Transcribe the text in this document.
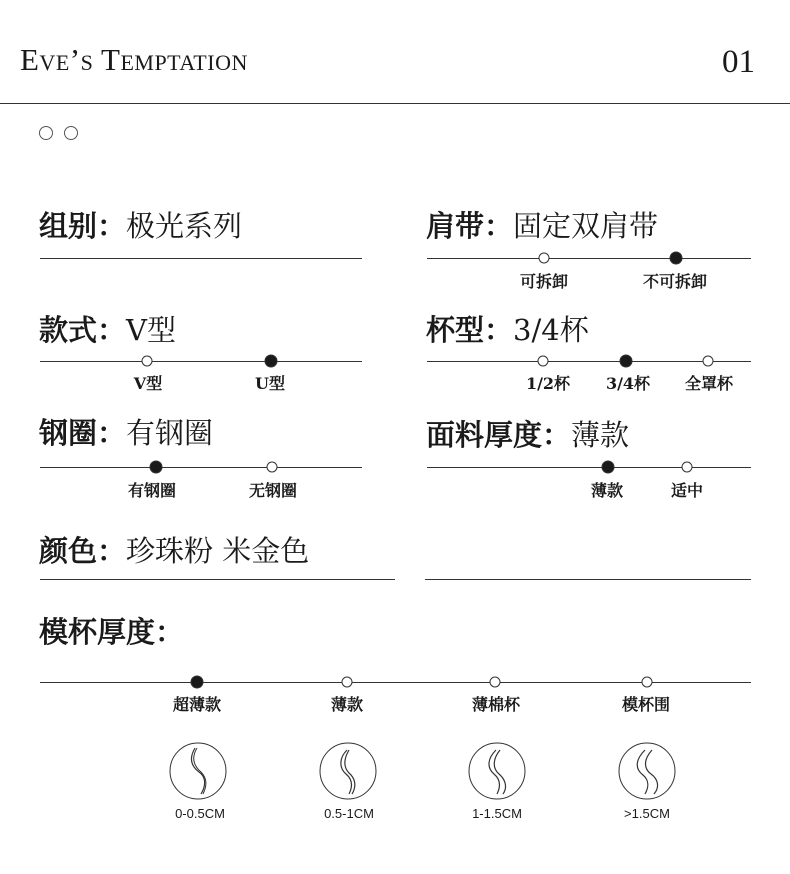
Eve’s Temptation	01
组别：极光系列	肩带：固定双肩带
可拆卸	不可拆卸
款式：V型
V型	U型
杯型：3/4杯
1/2杯 3/4杯 全罩杯
钢圈：有钢圈
有钢圈	无钢圈
面料厚度：薄款
薄款	适中
颜色：珍珠粉 米金色
模杯厚度：
超薄款	薄款	薄棉杯	模杯围
0-0.5CM	0.5-1CM	1-1.5CM	>1.5CM
